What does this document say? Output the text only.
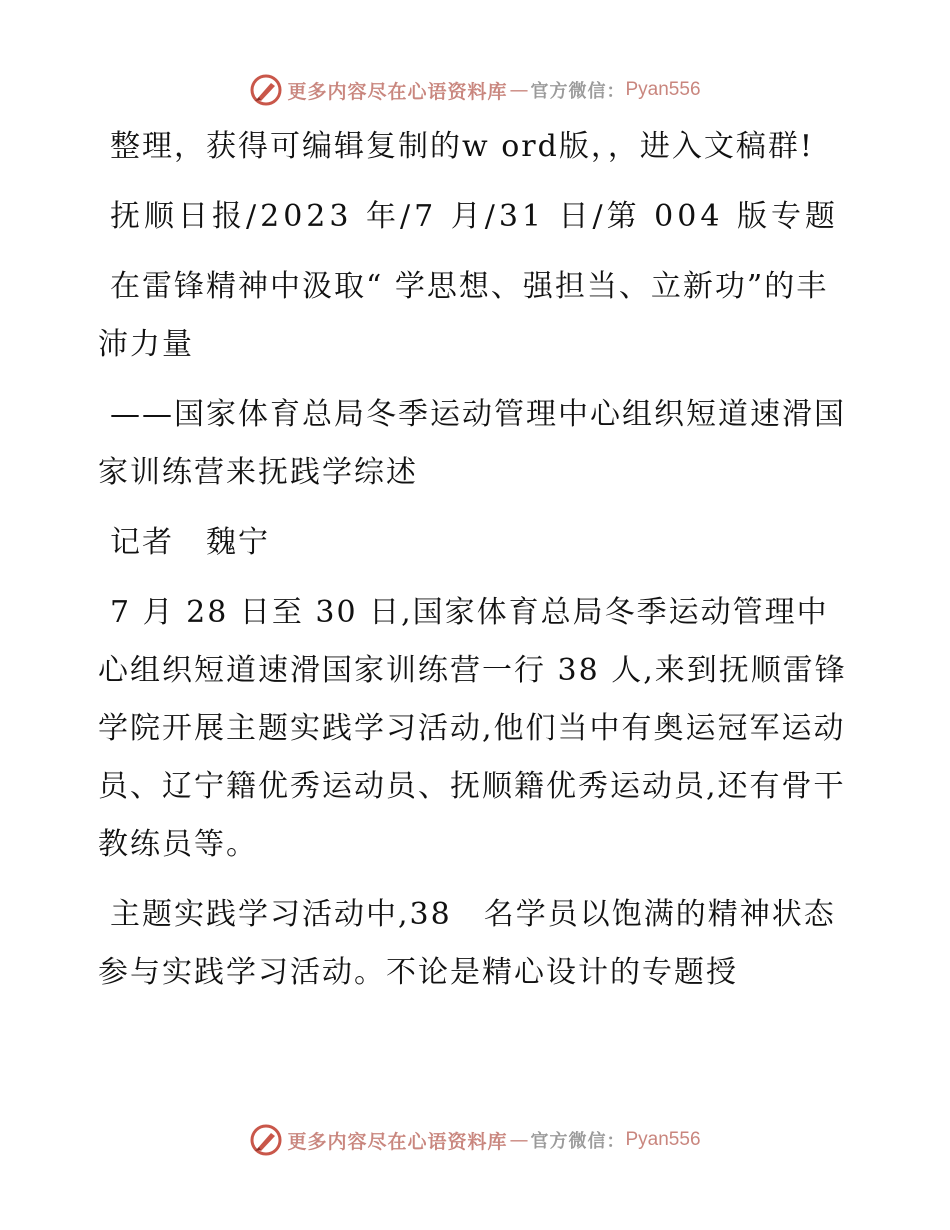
更多内容尽在心语资料库 — 官方微信： Pyan556

整理，获得可编辑复制的w ord版，，进入文稿群!

抚顺日报/2023 年/7 月/31 日/第 004 版专题

在雷锋精神中汲取“ 学思想、强担当、立新功”的丰沛力量

——国家体育总局冬季运动管理中心组织短道速滑国家训练营来抚践学综述

记者　魏宁

7 月 28 日至 30 日,国家体育总局冬季运动管理中心组织短道速滑国家训练营一行 38 人,来到抚顺雷锋学院开展主题实践学习活动,他们当中有奥运冠军运动员、辽宁籍优秀运动员、抚顺籍优秀运动员,还有骨干教练员等。

主题实践学习活动中,38　名学员以饱满的精神状态参与实践学习活动。不论是精心设计的专题授

更多内容尽在心语资料库 — 官方微信： Pyan556
